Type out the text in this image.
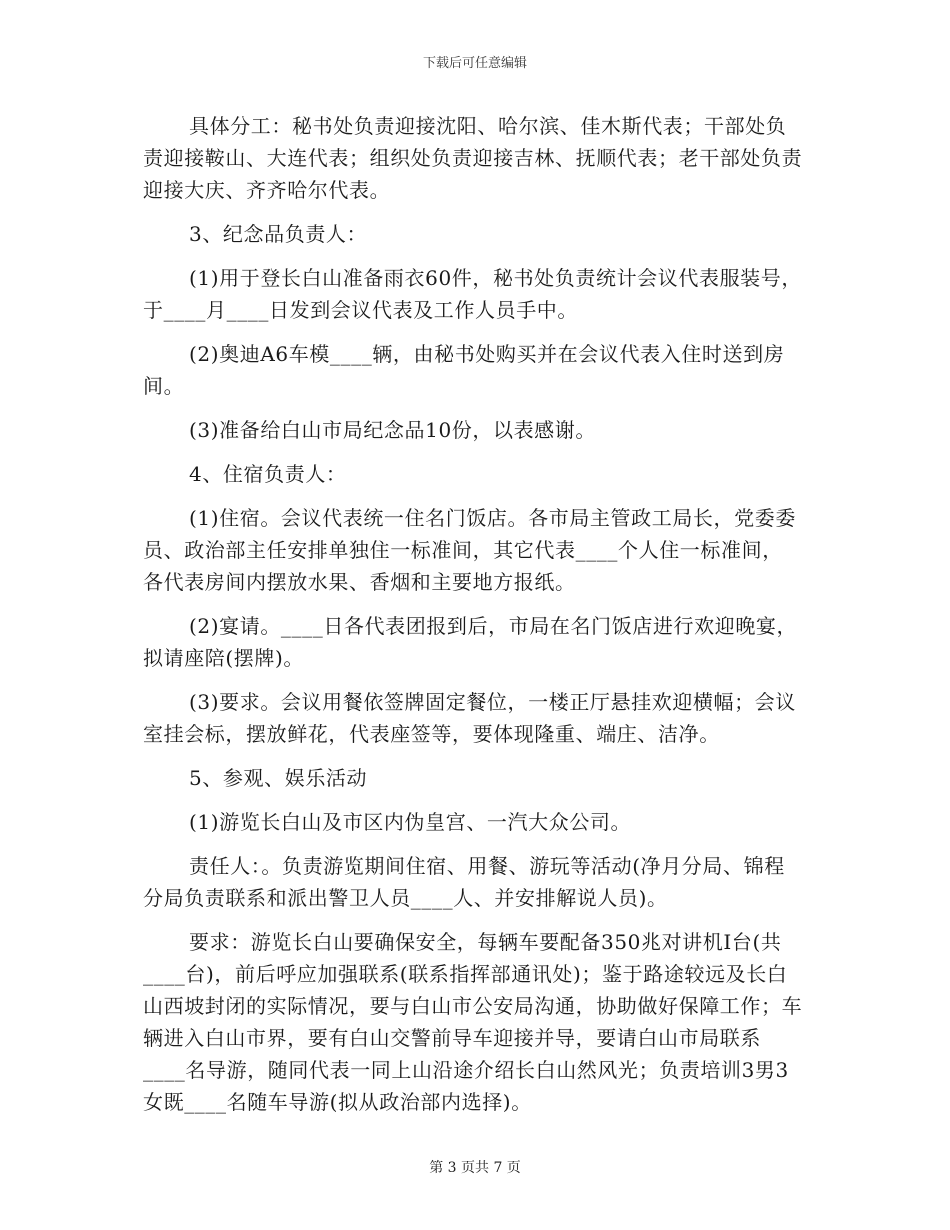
下载后可任意编辑

具体分工：秘书处负责迎接沈阳、哈尔滨、佳木斯代表；干部处负责迎接鞍山、大连代表；组织处负责迎接吉林、抚顺代表；老干部处负责迎接大庆、齐齐哈尔代表。

3、纪念品负责人：

(1)用于登长白山准备雨衣60件，秘书处负责统计会议代表服装号，于____月____日发到会议代表及工作人员手中。

(2)奥迪A6车模____辆，由秘书处购买并在会议代表入住时送到房间。

(3)准备给白山市局纪念品10份，以表感谢。

4、住宿负责人：

(1)住宿。会议代表统一住名门饭店。各市局主管政工局长，党委委员、政治部主任安排单独住一标准间，其它代表____个人住一标准间，各代表房间内摆放水果、香烟和主要地方报纸。

(2)宴请。____日各代表团报到后，市局在名门饭店进行欢迎晚宴，拟请座陪(摆牌)。

(3)要求。会议用餐依签牌固定餐位，一楼正厅悬挂欢迎横幅；会议室挂会标，摆放鲜花，代表座签等，要体现隆重、端庄、洁净。

5、参观、娱乐活动

(1)游览长白山及市区内伪皇宫、一汽大众公司。

责任人：。负责游览期间住宿、用餐、游玩等活动(净月分局、锦程分局负责联系和派出警卫人员____人、并安排解说人员)。

要求：游览长白山要确保安全，每辆车要配备350兆对讲机I台(共____台)，前后呼应加强联系(联系指挥部通讯处)；鉴于路途较远及长白山西坡封闭的实际情况，要与白山市公安局沟通，协助做好保障工作；车辆进入白山市界，要有白山交警前导车迎接并导，要请白山市局联系____名导游，随同代表一同上山沿途介绍长白山然风光；负责培训3男3女既____名随车导游(拟从政治部内选择)。

第 3 页共 7 页
